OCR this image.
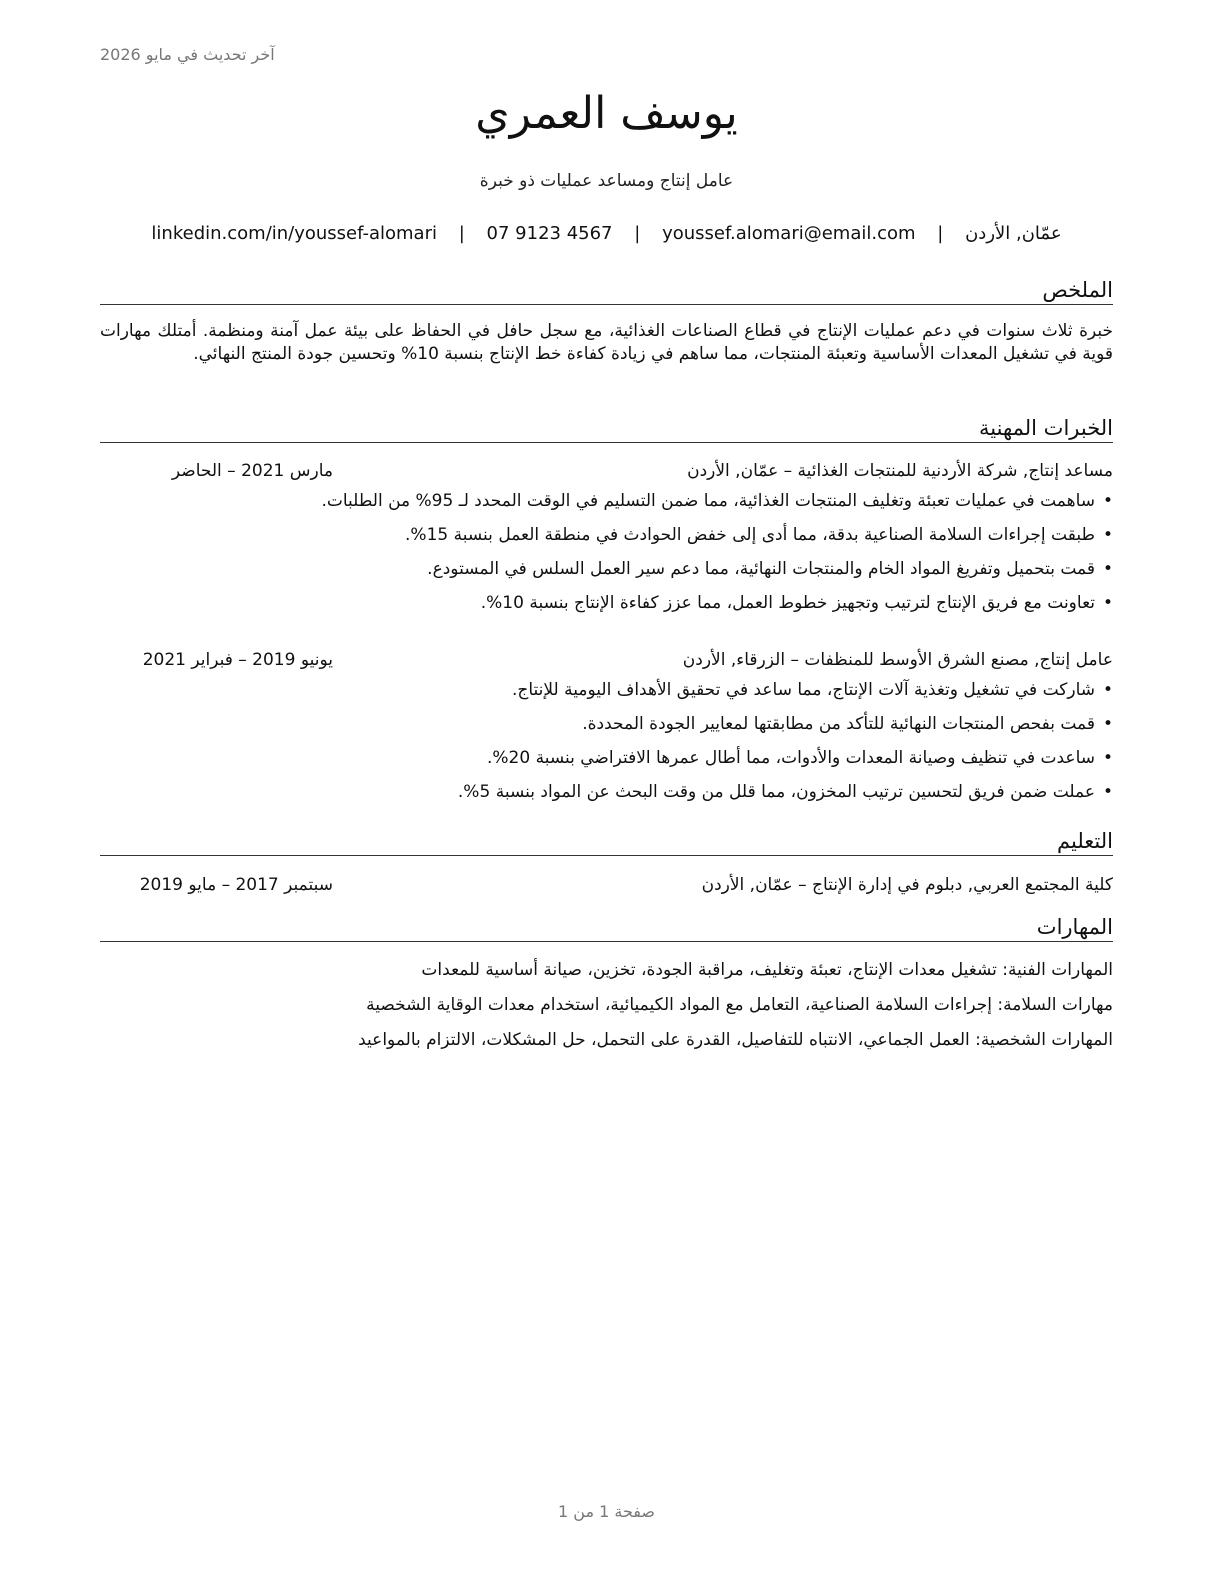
آخر تحديث في مايو 2026
يوسف العمري
عامل إنتاج ومساعد عمليات ذو خبرة
عمّان, الأردن | youssef.alomari@email.com | 07 9123 4567 | linkedin.com/in/youssef-alomari
الملخص
خبرة ثلاث سنوات في دعم عمليات الإنتاج في قطاع الصناعات الغذائية، مع سجل حافل في الحفاظ على بيئة عمل آمنة ومنظمة. أمتلك مهارات قوية في تشغيل المعدات الأساسية وتعبئة المنتجات، مما ساهم في زيادة كفاءة خط الإنتاج بنسبة 10% وتحسين جودة المنتج النهائي.
الخبرات المهنية
مساعد إنتاج, شركة الأردنية للمنتجات الغذائية – عمّان, الأردن
مارس 2021 – الحاضر
•
ساهمت في عمليات تعبئة وتغليف المنتجات الغذائية، مما ضمن التسليم في الوقت المحدد لـ 95% من الطلبات.
•
طبقت إجراءات السلامة الصناعية بدقة، مما أدى إلى خفض الحوادث في منطقة العمل بنسبة 15%.
•
قمت بتحميل وتفريغ المواد الخام والمنتجات النهائية، مما دعم سير العمل السلس في المستودع.
•
تعاونت مع فريق الإنتاج لترتيب وتجهيز خطوط العمل، مما عزز كفاءة الإنتاج بنسبة 10%.
عامل إنتاج, مصنع الشرق الأوسط للمنظفات – الزرقاء, الأردن
يونيو 2019 – فبراير 2021
•
شاركت في تشغيل وتغذية آلات الإنتاج، مما ساعد في تحقيق الأهداف اليومية للإنتاج.
•
قمت بفحص المنتجات النهائية للتأكد من مطابقتها لمعايير الجودة المحددة.
•
ساعدت في تنظيف وصيانة المعدات والأدوات، مما أطال عمرها الافتراضي بنسبة 20%.
•
عملت ضمن فريق لتحسين ترتيب المخزون، مما قلل من وقت البحث عن المواد بنسبة 5%.
التعليم
كلية المجتمع العربي, دبلوم في إدارة الإنتاج – عمّان, الأردن
سبتمبر 2017 – مايو 2019
المهارات
المهارات الفنية: تشغيل معدات الإنتاج، تعبئة وتغليف، مراقبة الجودة، تخزين، صيانة أساسية للمعدات
مهارات السلامة: إجراءات السلامة الصناعية، التعامل مع المواد الكيميائية، استخدام معدات الوقاية الشخصية
المهارات الشخصية: العمل الجماعي، الانتباه للتفاصيل، القدرة على التحمل، حل المشكلات، الالتزام بالمواعيد
صفحة 1 من 1
